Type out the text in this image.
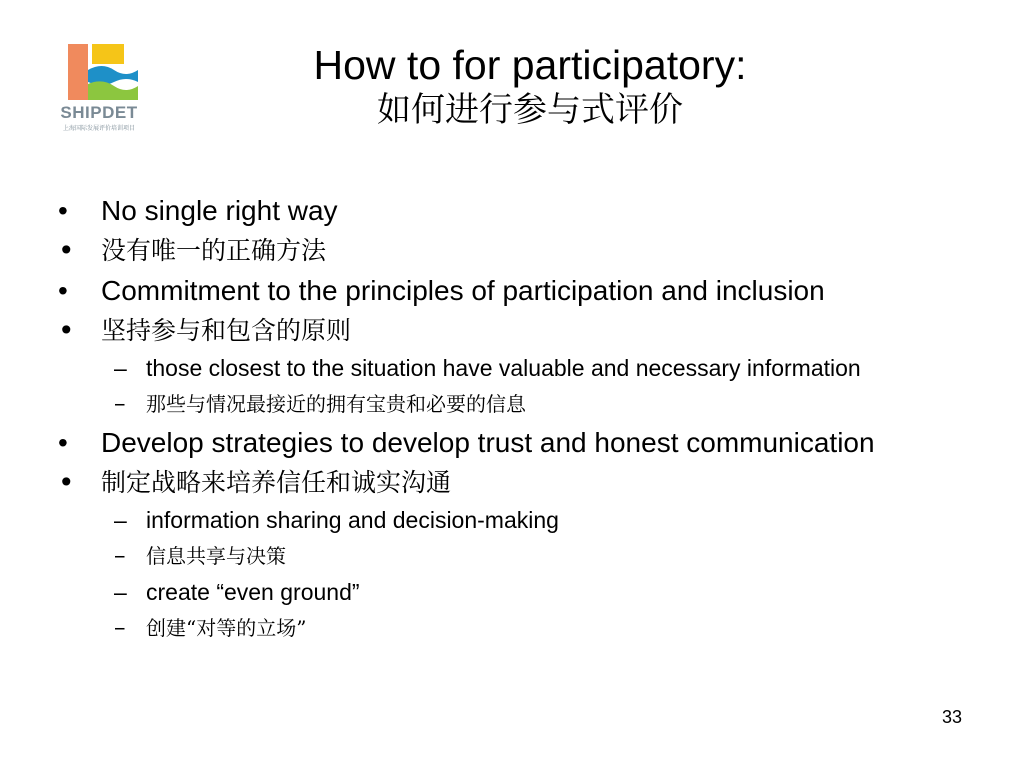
SHIPDET
上海国际发展评价培训项目

How to for participatory:

如何进行参与式评价

• No single right way
• 没有唯一的正确方法
• Commitment to the principles of participation and inclusion
• 坚持参与和包含的原则
– those closest to the situation have valuable and necessary information
– 那些与情况最接近的拥有宝贵和必要的信息
• Develop strategies to develop trust and honest communication
• 制定战略来培养信任和诚实沟通
– information sharing and decision-making
– 信息共享与决策
– create “even ground”
– 创建“对等的立场”
33
